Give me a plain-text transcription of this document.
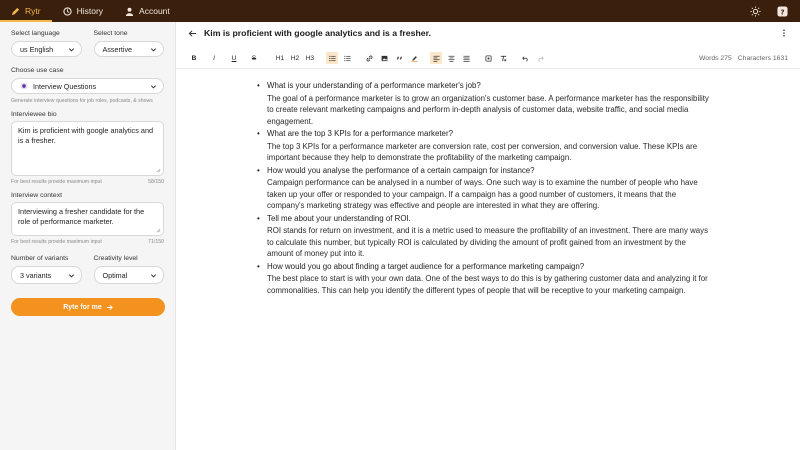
Rytr	History	Account	?
Select language
us English
Select tone
Assertive
Choose use case
Interview Questions
Generate interview questions for job roles, podcasts, & shows
Interviewee bio
Kim is proficient with google analytics and is a fresher.
For best results provide maximum input	58/150
Interview context
Interviewing a fresher candidate for the role of performance marketer.
For best results provide maximum input	71/150
Number of variants
3 variants
Creativity level
Optimal
Ryte for me
Kim is proficient with google analytics and is a fresher.
B	I	U	S	H1 H2 H3	Words 275 Characters 1631
• What is your understanding of a performance marketer's job?
The goal of a performance marketer is to grow an organization's customer base. A performance marketer has the responsibility to create relevant marketing campaigns and perform in-depth analysis of customer data, website traffic, and social media engagement.
• What are the top 3 KPIs for a performance marketer?
The top 3 KPIs for a performance marketer are conversion rate, cost per conversion, and conversion value. These KPIs are important because they help to demonstrate the profitability of the marketing campaign.
• How would you analyse the performance of a certain campaign for instance?
Campaign performance can be analysed in a number of ways. One such way is to examine the number of people who have taken up your offer or responded to your campaign. If a campaign has a good number of customers, it means that the company's marketing strategy was effective and people are interested in what they are offering.
• Tell me about your understanding of ROI.
ROI stands for return on investment, and it is a metric used to measure the profitability of an investment. There are many ways to calculate this number, but typically ROI is calculated by dividing the amount of profit gained from an investment by the amount of money put into it.
• How would you go about finding a target audience for a performance marketing campaign?
The best place to start is with your own data. One of the best ways to do this is by gathering customer data and analyzing it for commonalities. This can help you identify the different types of people that will be receptive to your marketing campaign.
